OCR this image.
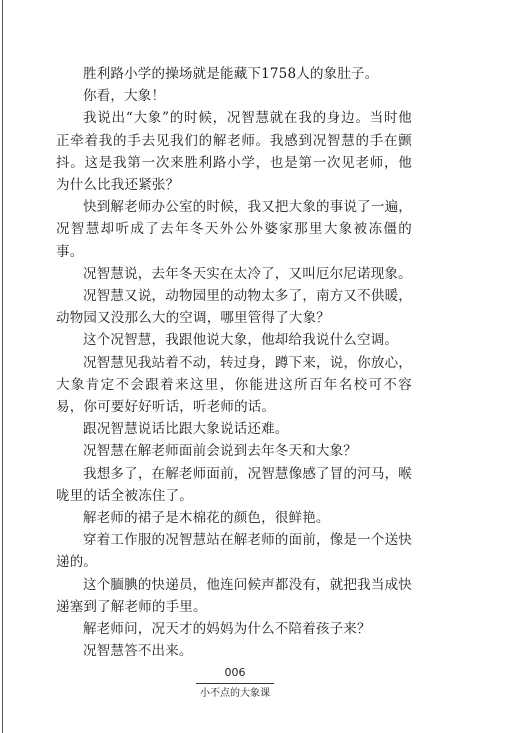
胜利路小学的操场就是能藏下1758人的象肚子。

你看，大象！

我说出“大象”的时候，况智慧就在我的身边。当时他正牵着我的手去见我们的解老师。我感到况智慧的手在颤抖。这是我第一次来胜利路小学，也是第一次见老师，他为什么比我还紧张？

快到解老师办公室的时候，我又把大象的事说了一遍，况智慧却听成了去年冬天外公外婆家那里大象被冻僵的事。

况智慧说，去年冬天实在太冷了，又叫厄尔尼诺现象。

况智慧又说，动物园里的动物太多了，南方又不供暖，动物园又没那么大的空调，哪里管得了大象？

这个况智慧，我跟他说大象，他却给我说什么空调。

况智慧见我站着不动，转过身，蹲下来，说，你放心，大象肯定不会跟着来这里，你能进这所百年名校可不容易，你可要好好听话，听老师的话。

跟况智慧说话比跟大象说话还难。

况智慧在解老师面前会说到去年冬天和大象？

我想多了，在解老师面前，况智慧像感了冒的河马，喉咙里的话全被冻住了。

解老师的裙子是木棉花的颜色，很鲜艳。

穿着工作服的况智慧站在解老师的面前，像是一个送快递的。

这个腼腆的快递员，他连问候声都没有，就把我当成快递塞到了解老师的手里。

解老师问，况天才的妈妈为什么不陪着孩子来？

况智慧答不出来。

006
小不点的大象课
